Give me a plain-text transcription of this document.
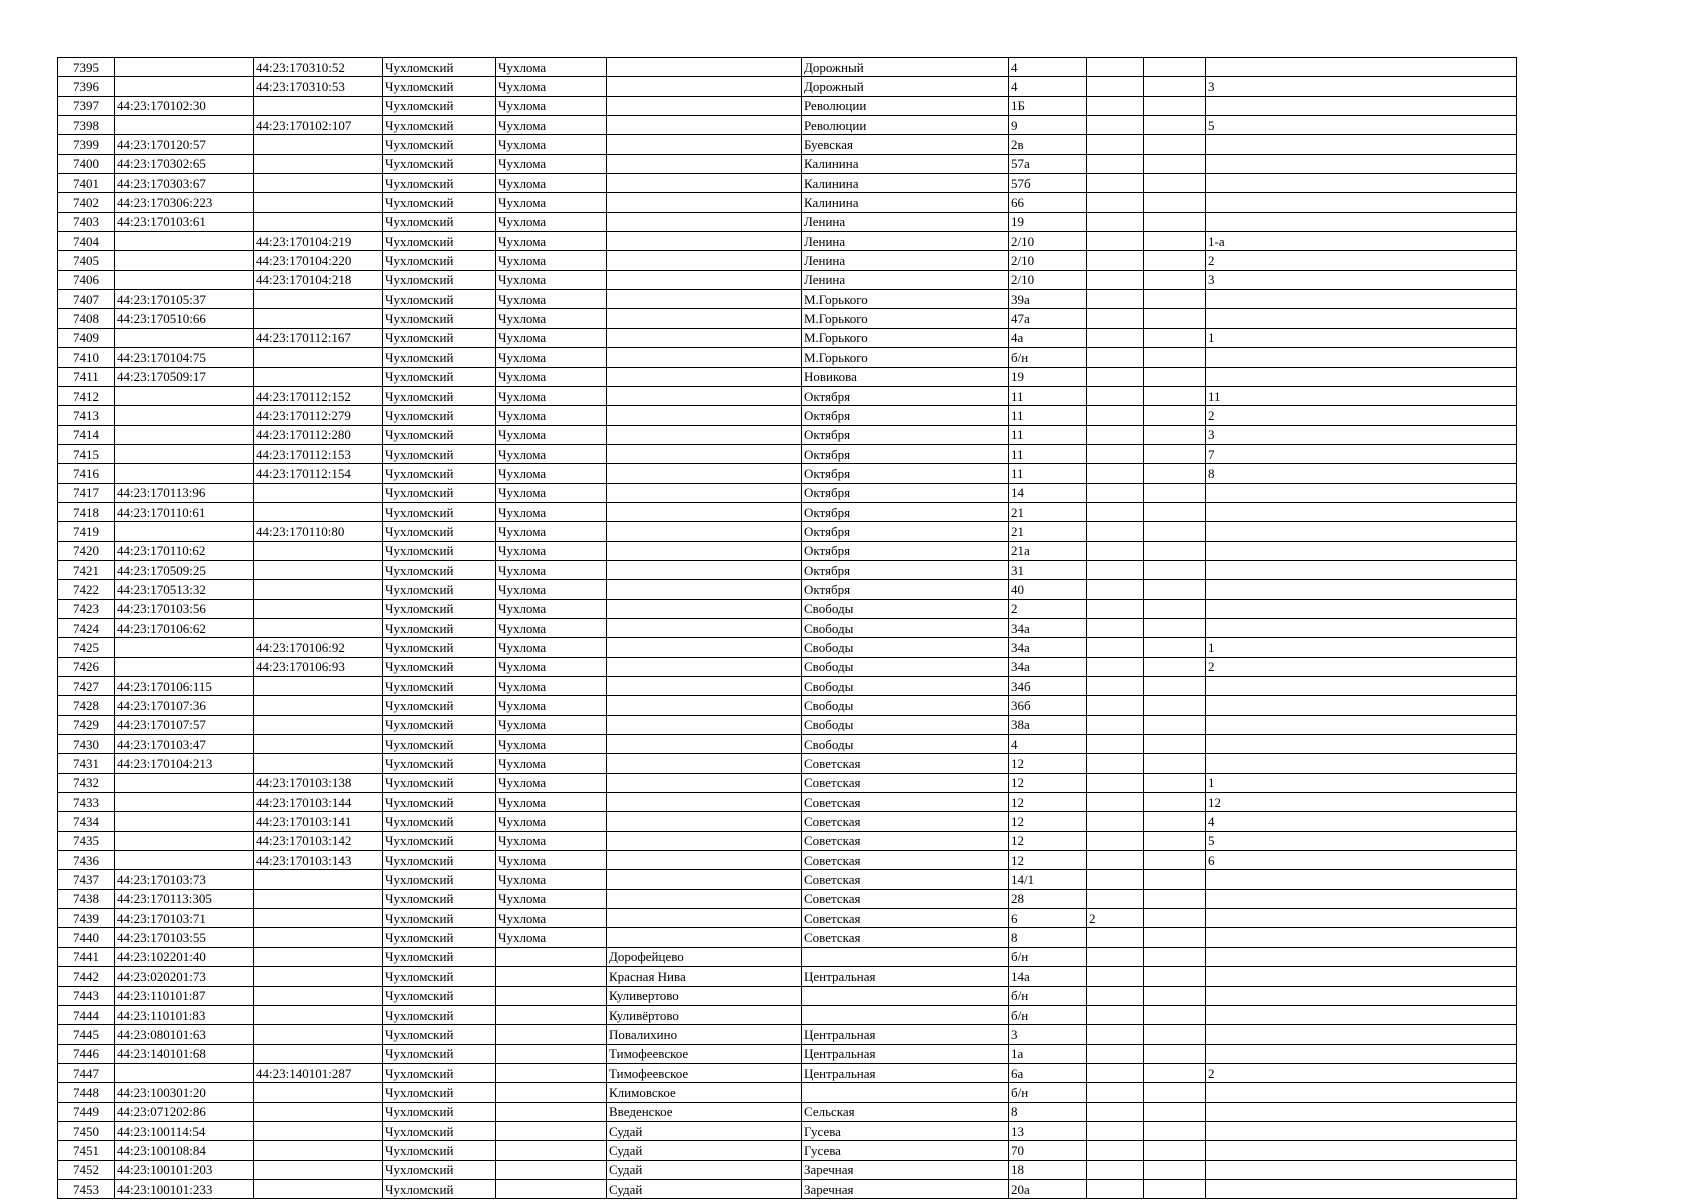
7395		44:23:170310:52	Чухломский	Чухлома		Дорожный	4			
7396		44:23:170310:53	Чухломский	Чухлома		Дорожный	4			3
7397	44:23:170102:30		Чухломский	Чухлома		Революции	1Б			
7398		44:23:170102:107	Чухломский	Чухлома		Революции	9			5
7399	44:23:170120:57		Чухломский	Чухлома		Буевская	2в			
7400	44:23:170302:65		Чухломский	Чухлома		Калинина	57а			
7401	44:23:170303:67		Чухломский	Чухлома		Калинина	57б			
7402	44:23:170306:223		Чухломский	Чухлома		Калинина	66			
7403	44:23:170103:61		Чухломский	Чухлома		Ленина	19			
7404		44:23:170104:219	Чухломский	Чухлома		Ленина	2/10			1-а
7405		44:23:170104:220	Чухломский	Чухлома		Ленина	2/10			2
7406		44:23:170104:218	Чухломский	Чухлома		Ленина	2/10			3
7407	44:23:170105:37		Чухломский	Чухлома		М.Горького	39а			
7408	44:23:170510:66		Чухломский	Чухлома		М.Горького	47а			
7409		44:23:170112:167	Чухломский	Чухлома		М.Горького	4а			1
7410	44:23:170104:75		Чухломский	Чухлома		М.Горького	б/н			
7411	44:23:170509:17		Чухломский	Чухлома		Новикова	19			
7412		44:23:170112:152	Чухломский	Чухлома		Октября	11			11
7413		44:23:170112:279	Чухломский	Чухлома		Октября	11			2
7414		44:23:170112:280	Чухломский	Чухлома		Октября	11			3
7415		44:23:170112:153	Чухломский	Чухлома		Октября	11			7
7416		44:23:170112:154	Чухломский	Чухлома		Октября	11			8
7417	44:23:170113:96		Чухломский	Чухлома		Октября	14			
7418	44:23:170110:61		Чухломский	Чухлома		Октября	21			
7419		44:23:170110:80	Чухломский	Чухлома		Октября	21			
7420	44:23:170110:62		Чухломский	Чухлома		Октября	21а			
7421	44:23:170509:25		Чухломский	Чухлома		Октября	31			
7422	44:23:170513:32		Чухломский	Чухлома		Октября	40			
7423	44:23:170103:56		Чухломский	Чухлома		Свободы	2			
7424	44:23:170106:62		Чухломский	Чухлома		Свободы	34а			
7425		44:23:170106:92	Чухломский	Чухлома		Свободы	34а			1
7426		44:23:170106:93	Чухломский	Чухлома		Свободы	34а			2
7427	44:23:170106:115		Чухломский	Чухлома		Свободы	34б			
7428	44:23:170107:36		Чухломский	Чухлома		Свободы	36б			
7429	44:23:170107:57		Чухломский	Чухлома		Свободы	38а			
7430	44:23:170103:47		Чухломский	Чухлома		Свободы	4			
7431	44:23:170104:213		Чухломский	Чухлома		Советская	12			
7432		44:23:170103:138	Чухломский	Чухлома		Советская	12			1
7433		44:23:170103:144	Чухломский	Чухлома		Советская	12			12
7434		44:23:170103:141	Чухломский	Чухлома		Советская	12			4
7435		44:23:170103:142	Чухломский	Чухлома		Советская	12			5
7436		44:23:170103:143	Чухломский	Чухлома		Советская	12			6
7437	44:23:170103:73		Чухломский	Чухлома		Советская	14/1			
7438	44:23:170113:305		Чухломский	Чухлома		Советская	28			
7439	44:23:170103:71		Чухломский	Чухлома		Советская	6	2		
7440	44:23:170103:55		Чухломский	Чухлома		Советская	8			
7441	44:23:102201:40		Чухломский		Дорофейцево		б/н			
7442	44:23:020201:73		Чухломский		Красная Нива	Центральная	14а			
7443	44:23:110101:87		Чухломский		Куливертово		б/н			
7444	44:23:110101:83		Чухломский		Куливёртово		б/н			
7445	44:23:080101:63		Чухломский		Повалихино	Центральная	3			
7446	44:23:140101:68		Чухломский		Тимофеевское	Центральная	1а			
7447		44:23:140101:287	Чухломский		Тимофеевское	Центральная	6а			2
7448	44:23:100301:20		Чухломский		Климовское		б/н			
7449	44:23:071202:86		Чухломский		Введенское	Сельская	8			
7450	44:23:100114:54		Чухломский		Судай	Гусева	13			
7451	44:23:100108:84		Чухломский		Судай	Гусева	70			
7452	44:23:100101:203		Чухломский		Судай	Заречная	18			
7453	44:23:100101:233		Чухломский		Судай	Заречная	20а			
